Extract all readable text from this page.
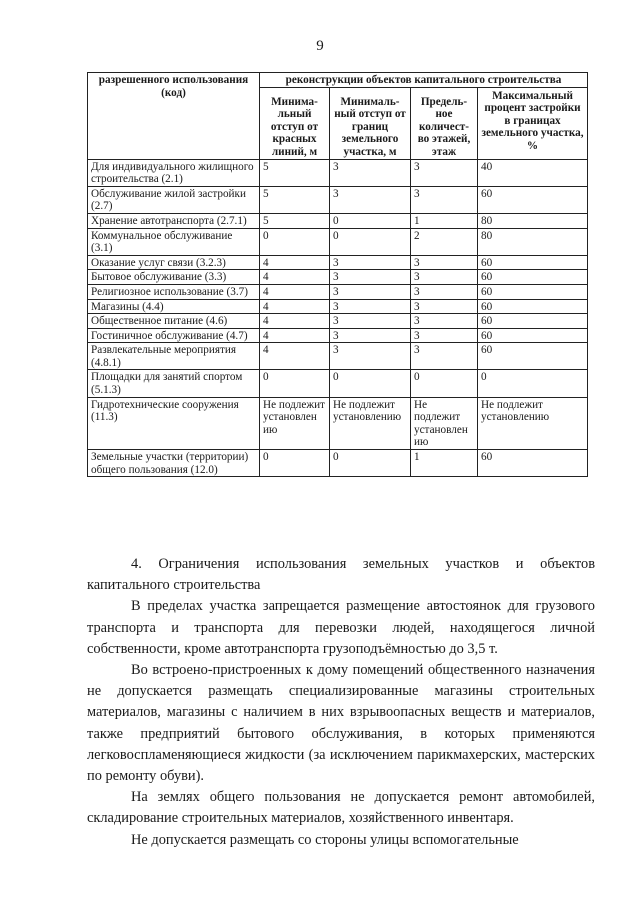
9
разрешенного использования (код)	реконструкции объектов капитального строительства			
	Минима-льный отступ от красных линий, м	Минималь-ный отступ от границ земельного участка, м	Предель-ное количест-во этажей, этаж	Максимальный процент застройки в границах земельного участка, %
Для индивидуального жилищного строительства (2.1)	5	3	3	40
Обслуживание жилой застройки (2.7)	5	3	3	60
Хранение автотранспорта (2.7.1)	5	0	1	80
Коммунальное обслуживание (3.1)	0	0	2	80
Оказание услуг связи (3.2.3)	4	3	3	60
Бытовое обслуживание (3.3)	4	3	3	60
Религиозное использование (3.7)	4	3	3	60
Магазины (4.4)	4	3	3	60
Общественное питание (4.6)	4	3	3	60
Гостиничное обслуживание (4.7)	4	3	3	60
Развлекательные мероприятия (4.8.1)	4	3	3	60
Площадки для занятий спортом (5.1.3)	0	0	0	0
Гидротехнические сооружения (11.3)	Не подлежит установлен ию	Не подлежит установлению	Не подлежит установлен ию	Не подлежит установлению
Земельные участки (территории) общего пользования (12.0)	0	0	1	60

4. Ограничения использования земельных участков и объектов капитального строительства

В пределах участка запрещается размещение автостоянок для грузового транспорта и транспорта для перевозки людей, находящегося личной собственности, кроме автотранспорта грузоподъёмностью до 3,5 т.

Во встроено-пристроенных к дому помещений общественного назначения не допускается размещать специализированные магазины строительных материалов, магазины с наличием в них взрывоопасных веществ и материалов, также предприятий бытового обслуживания, в которых применяются легковоспламеняющиеся жидкости (за исключением парикмахерских, мастерских по ремонту обуви).

На землях общего пользования не допускается ремонт автомобилей, складирование строительных материалов, хозяйственного инвентаря.

Не допускается размещать со стороны улицы вспомогательные
